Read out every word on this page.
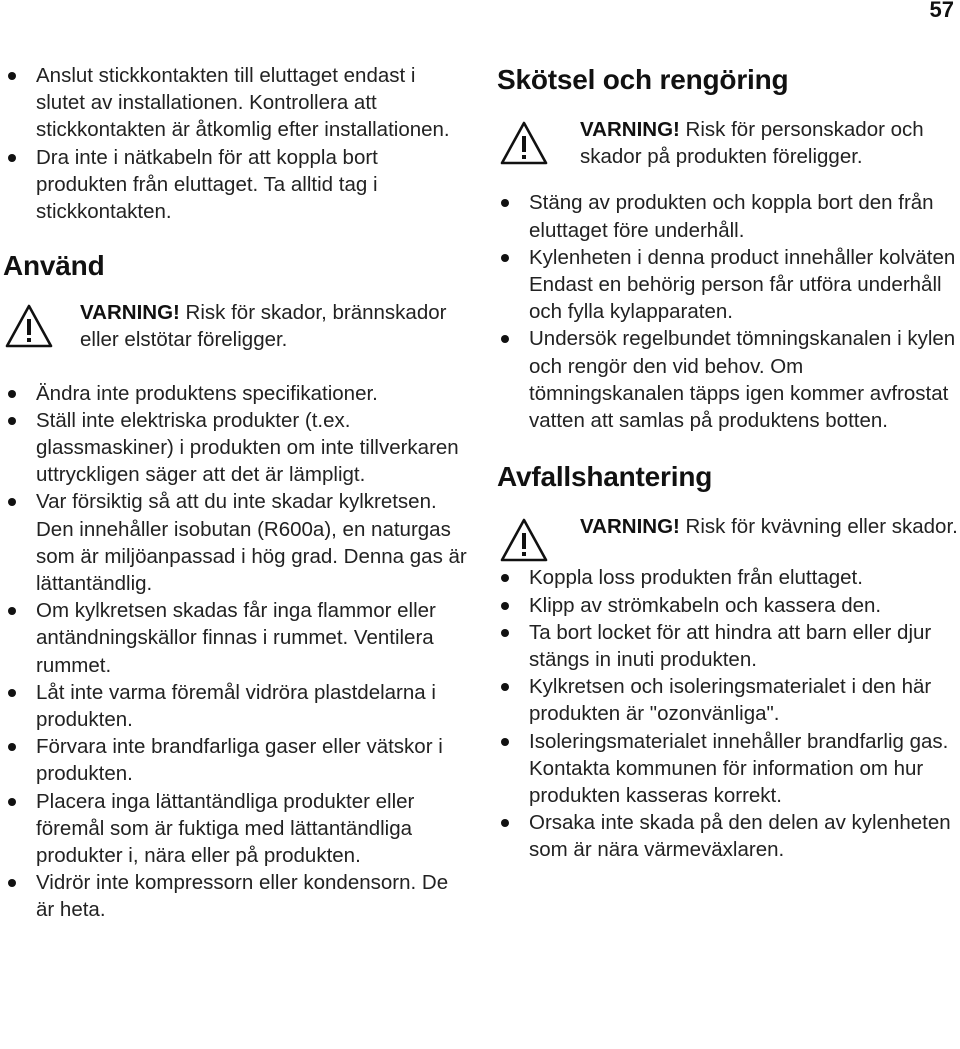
57
Anslut stickkontakten till eluttaget endast i slutet av installationen. Kontrollera att stickkontakten är åtkomlig efter installationen.
Dra inte i nätkabeln för att koppla bort produkten från eluttaget. Ta alltid tag i stickkontakten.
Använd
VARNING! Risk för skador, brännskador eller elstötar föreligger.
Ändra inte produktens specifikationer.
Ställ inte elektriska produkter (t.ex. glassmaskiner) i produkten om inte tillverkaren uttryckligen säger att det är lämpligt.
Var försiktig så att du inte skadar kylkretsen. Den innehåller isobutan (R600a), en naturgas som är miljöanpassad i hög grad. Denna gas är lättantändlig.
Om kylkretsen skadas får inga flammor eller antändningskällor finnas i rummet. Ventilera rummet.
Låt inte varma föremål vidröra plastdelarna i produkten.
Förvara inte brandfarliga gaser eller vätskor i produkten.
Placera inga lättantändliga produkter eller föremål som är fuktiga med lättantändliga produkter i, nära eller på produkten.
Vidrör inte kompressorn eller kondensorn. De är heta.
Skötsel och rengöring
VARNING! Risk för personskador och skador på produkten föreligger.
Stäng av produkten och koppla bort den från eluttaget före underhåll.
Kylenheten i denna product innehåller kolväten Endast en behörig person får utföra underhåll och fylla kylapparaten.
Undersök regelbundet tömningskanalen i kylen och rengör den vid behov. Om tömningskanalen täpps igen kommer avfrostat vatten att samlas på produktens botten.
Avfallshantering
VARNING! Risk för kvävning eller skador.
Koppla loss produkten från eluttaget.
Klipp av strömkabeln och kassera den.
Ta bort locket för att hindra att barn eller djur stängs in inuti produkten.
Kylkretsen och isoleringsmaterialet i den här produkten är "ozonvänliga".
Isoleringsmaterialet innehåller brandfarlig gas. Kontakta kommunen för information om hur produkten kasseras korrekt.
Orsaka inte skada på den delen av kylenheten som är nära värmeväxlaren.
